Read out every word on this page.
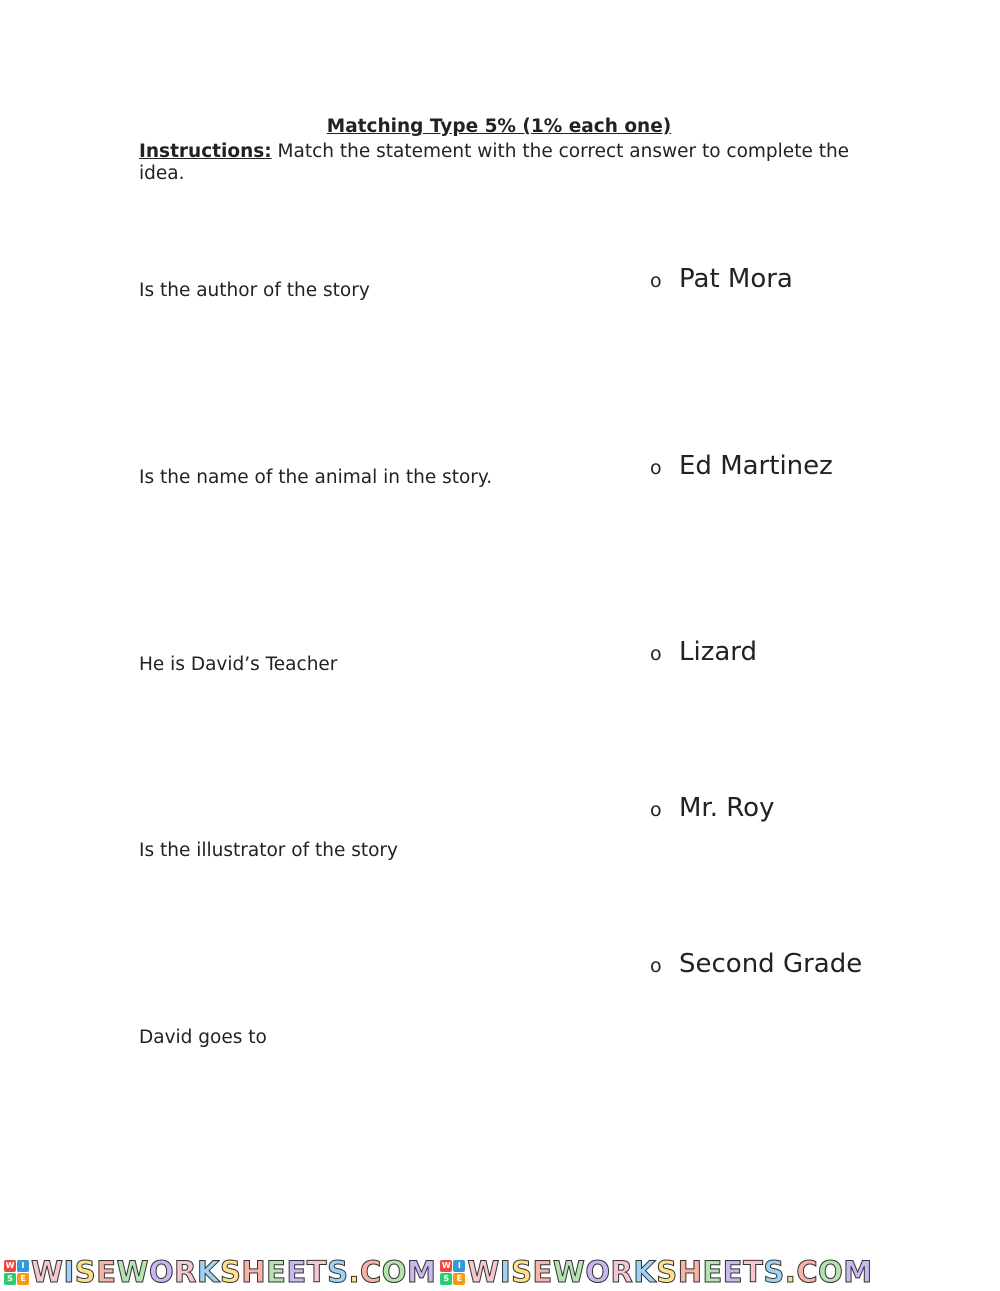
Matching Type 5% (1% each one)
Instructions: Match the statement with the correct answer to complete the idea.
Is the author of the story
Is the name of the animal in the story.
He is David’s Teacher
Is the illustrator of the story
David goes to
o Pat Mora
o Ed Martinez
o Lizard
o Mr. Roy
o Second Grade
W I
S E WISEWORKSHEETS.COM W I
S E WISEWORKSHEETS.COM
